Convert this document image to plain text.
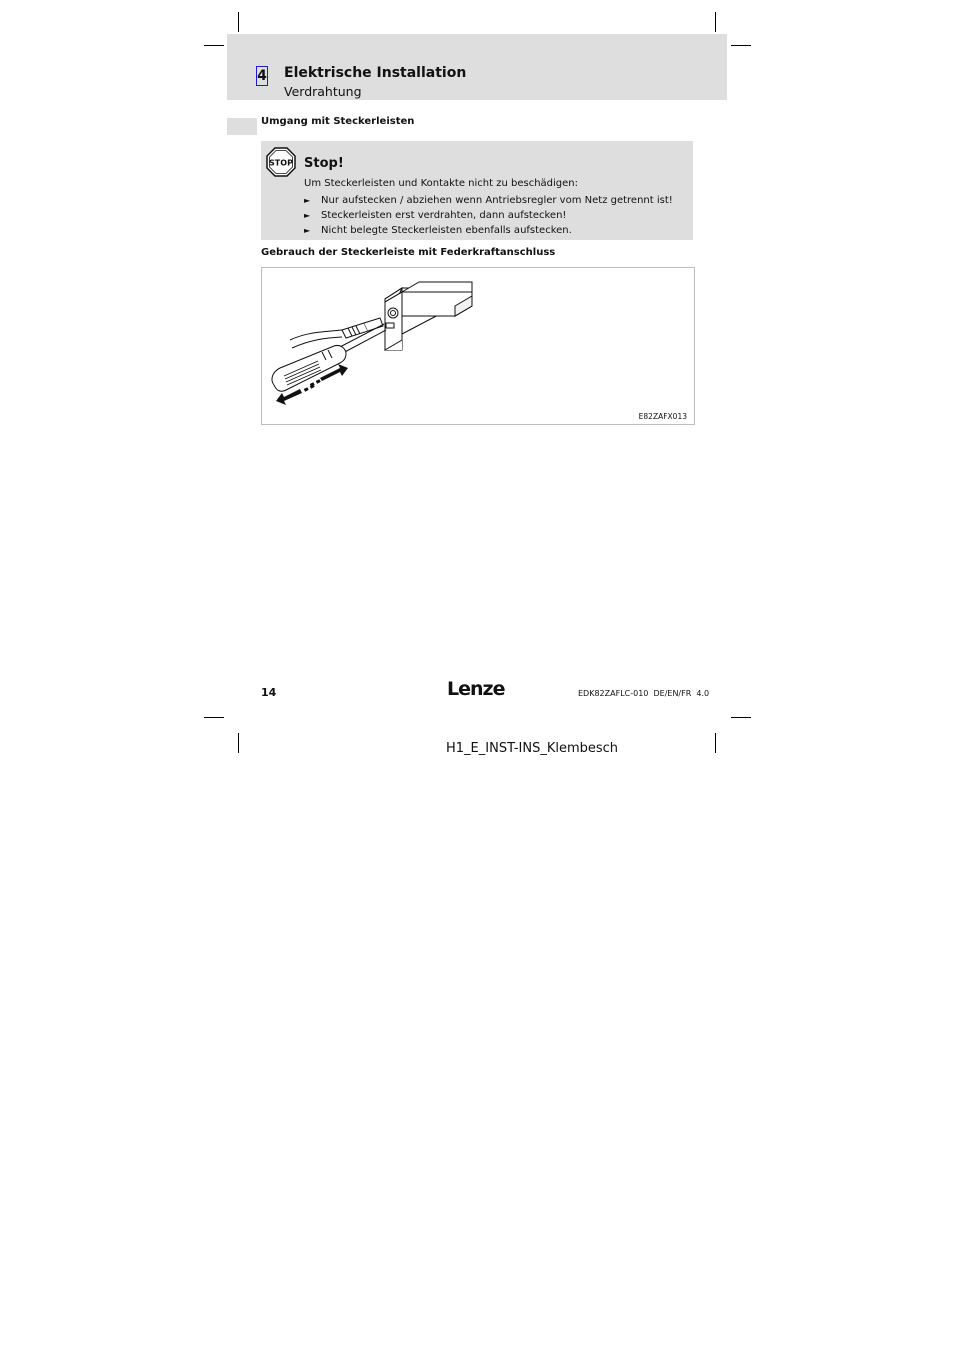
4 Elektrische Installation
Verdrahtung
Umgang mit Steckerleisten
STOP Stop!
Um Steckerleisten und Kontakte nicht zu beschädigen:
► Nur aufstecken / abziehen wenn Antriebsregler vom Netz getrennt ist!
► Steckerleisten erst verdrahten, dann aufstecken!
► Nicht belegte Steckerleisten ebenfalls aufstecken.
Gebrauch der Steckerleiste mit Federkraftanschluss
E82ZAFX013
14	Lenze	EDK82ZAFLC-010  DE/EN/FR  4.0
H1_E_INST-INS_Klembesch
